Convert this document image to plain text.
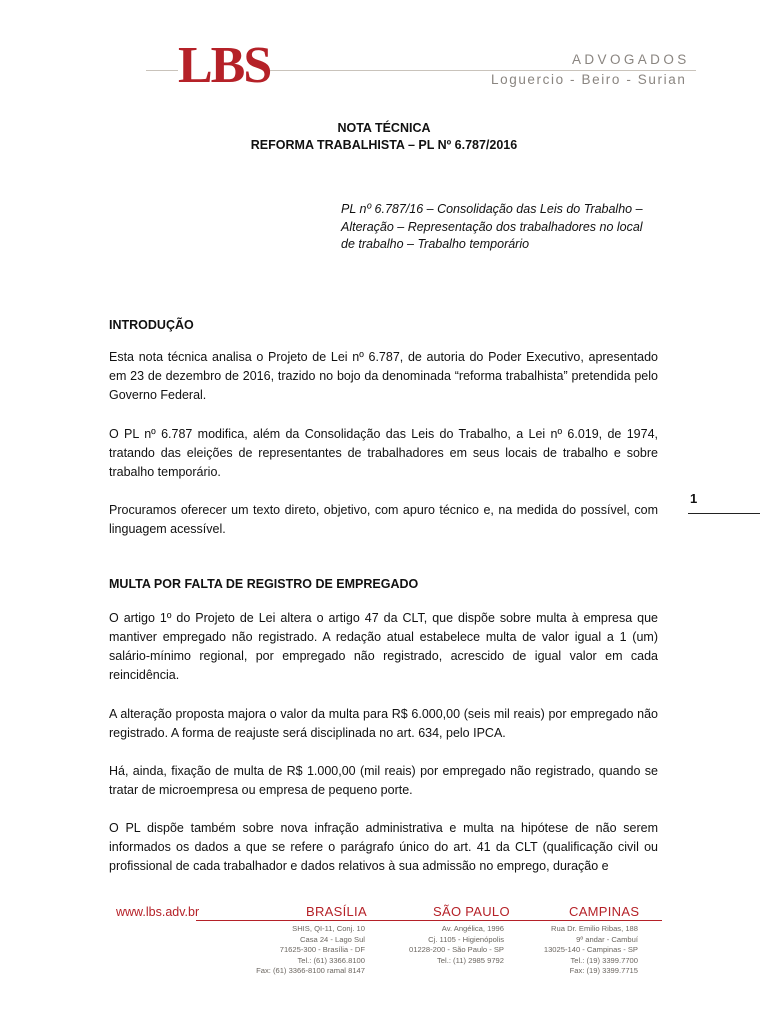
LBS	ADVOGADOS
Loguercio - Beiro - Surian
NOTA TÉCNICA
REFORMA TRABALHISTA – PL Nº 6.787/2016
PL nº 6.787/16 – Consolidação das Leis do Trabalho – Alteração – Representação dos trabalhadores no local de trabalho – Trabalho temporário
INTRODUÇÃO
Esta nota técnica analisa o Projeto de Lei nº 6.787, de autoria do Poder Executivo, apresentado em 23 de dezembro de 2016, trazido no bojo da denominada “reforma trabalhista” pretendida pelo Governo Federal.
O PL nº 6.787 modifica, além da Consolidação das Leis do Trabalho, a Lei nº 6.019, de 1974, tratando das eleições de representantes de trabalhadores em seus locais de trabalho e sobre trabalho temporário.
Procuramos oferecer um texto direto, objetivo, com apuro técnico e, na medida do possível, com linguagem acessível.
1
MULTA POR FALTA DE REGISTRO DE EMPREGADO
O artigo 1º do Projeto de Lei altera o artigo 47 da CLT, que dispõe sobre multa à empresa que mantiver empregado não registrado. A redação atual estabelece multa de valor igual a 1 (um) salário-mínimo regional, por empregado não registrado, acrescido de igual valor em cada reincidência.
A alteração proposta majora o valor da multa para R$ 6.000,00 (seis mil reais) por empregado não registrado. A forma de reajuste será disciplinada no art. 634, pelo IPCA.
Há, ainda, fixação de multa de R$ 1.000,00 (mil reais) por empregado não registrado, quando se tratar de microempresa ou empresa de pequeno porte.
O PL dispõe também sobre nova infração administrativa e multa na hipótese de não serem informados os dados a que se refere o parágrafo único do art. 41 da CLT (qualificação civil ou profissional de cada trabalhador e dados relativos à sua admissão no emprego, duração e
www.lbs.adv.br	BRASÍLIA	SÃO PAULO	CAMPINAS
SHIS, QI-11, Conj. 10
Casa 24 - Lago Sul
71625-300 - Brasília - DF
Tel.: (61) 3366.8100
Fax: (61) 3366-8100 ramal 8147
Av. Angélica, 1996
Cj. 1105 - Higienópolis
01228-200 - São Paulo - SP
Tel.: (11) 2985 9792
Rua Dr. Emilio Ribas, 188
9º andar - Cambuí
13025-140 - Campinas - SP
Tel.: (19) 3399.7700
Fax: (19) 3399.7715
